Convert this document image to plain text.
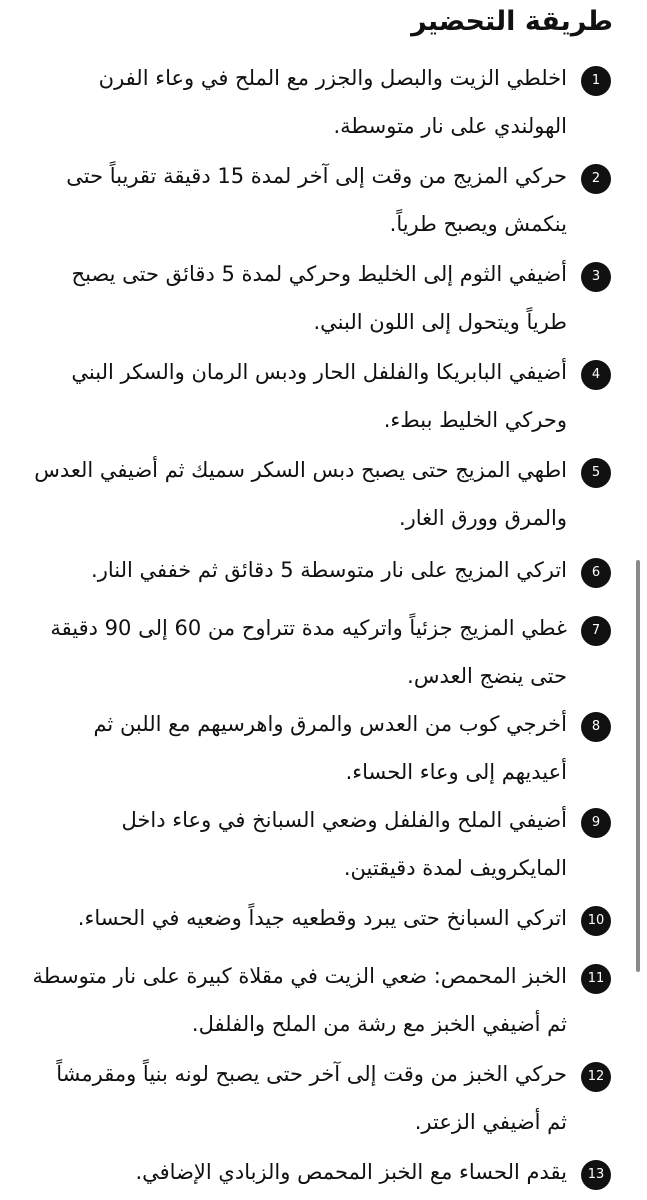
طريقة التحضير
1

اخلطي الزيت والبصل والجزر مع الملح في وعاء الفرن الهولندي على نار متوسطة.

2

حركي المزيج من وقت إلى آخر لمدة 15 دقيقة تقريباً حتى ينكمش ويصبح طرياً.

3

أضيفي الثوم إلى الخليط وحركي لمدة 5 دقائق حتى يصبح طرياً ويتحول إلى اللون البني.

4

أضيفي البابريكا والفلفل الحار ودبس الرمان والسكر البني وحركي الخليط ببطء.

5

اطهي المزيج حتى يصبح دبس السكر سميك ثم أضيفي العدس والمرق وورق الغار.

6

اتركي المزيج على نار متوسطة 5 دقائق ثم خففي النار.

7

غطي المزيج جزئياً واتركيه مدة تتراوح من 60 إلى 90 دقيقة حتى ينضج العدس.

8

أخرجي كوب من العدس والمرق واهرسيهم مع اللبن ثم أعيديهم إلى وعاء الحساء.

9

أضيفي الملح والفلفل وضعي السبانخ في وعاء داخل المايكرويف لمدة دقيقتين.

10

اتركي السبانخ حتى يبرد وقطعيه جيداً وضعيه في الحساء.

11

الخبز المحمص: ضعي الزيت في مقلاة كبيرة على نار متوسطة ثم أضيفي الخبز مع رشة من الملح والفلفل.

12

حركي الخبز من وقت إلى آخر حتى يصبح لونه بنياً ومقرمشاً ثم أضيفي الزعتر.

13

يقدم الحساء مع الخبز المحمص والزبادي الإضافي.
